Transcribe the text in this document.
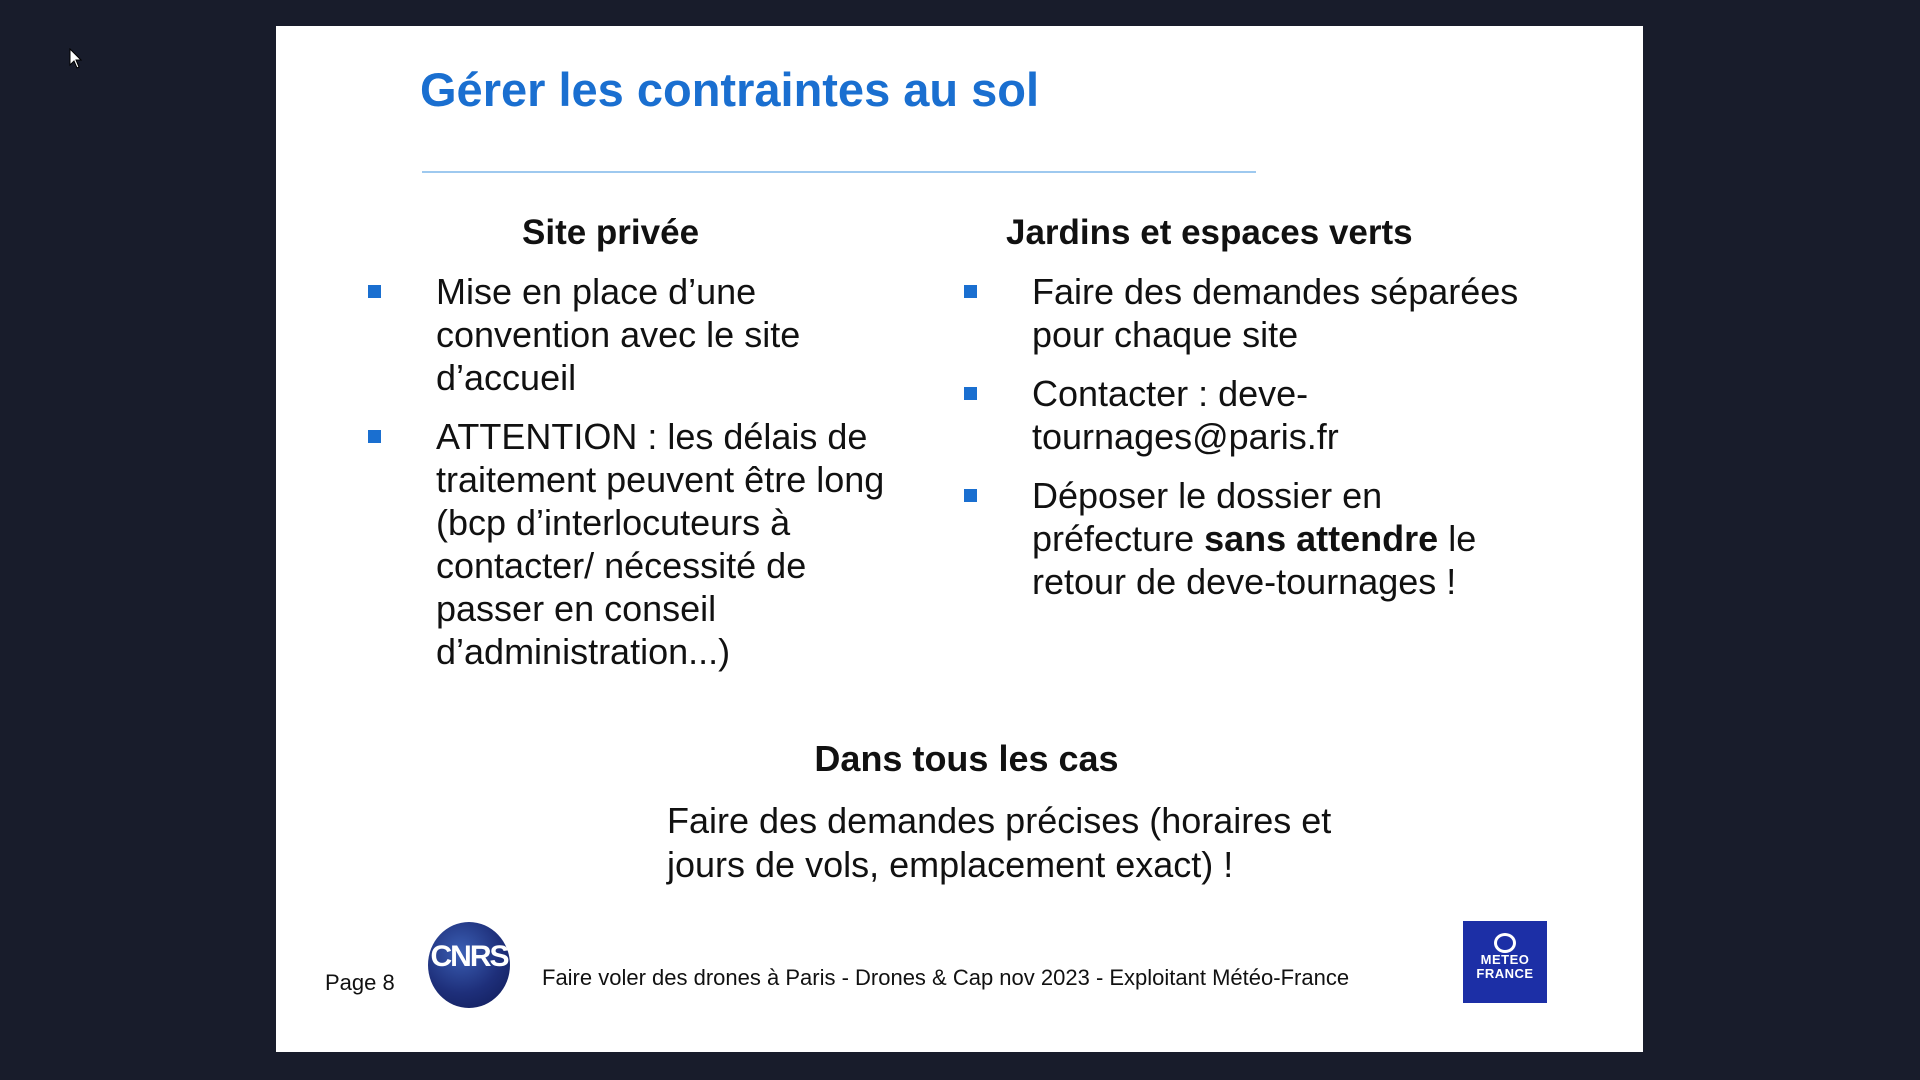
Gérer les contraintes au sol
Site privée
Mise en place d’une convention avec le site d’accueil
ATTENTION : les délais de traitement peuvent être long (bcp d’interlocuteurs à contacter/ nécessité de passer en conseil d’administration...)
Jardins et espaces verts
Faire des demandes séparées pour chaque site
Contacter : deve-tournages@paris.fr
Déposer le dossier en préfecture sans attendre le retour de deve-tournages !
Dans tous les cas

Faire des demandes précises (horaires et jours de vols, emplacement exact) !

Page 8
CNRS
Faire voler des drones à Paris - Drones & Cap nov 2023 - Exploitant Météo-France
METEO
FRANCE
